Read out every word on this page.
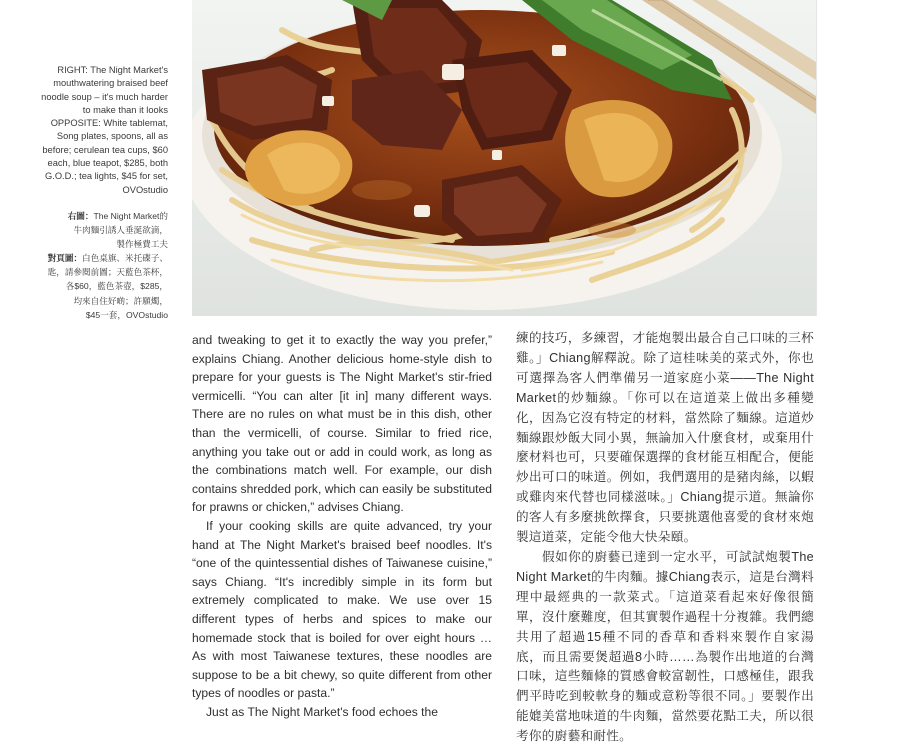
RIGHT: The Night Market's

mouthwatering braised beef

noodle soup – it's much harder

to make than it looks

OPPOSITE: White tablemat,

Song plates, spoons, all as

before; cerulean tea cups, $60

each, blue teapot, $285, both

G.O.D.; tea lights, $45 for set,

OVOstudio

右圖：The Night Market的

牛肉麵引誘人垂涎欲滴，

製作極費工夫

對頁圖：白色桌旗、米托碟子、

匙，請參閱前圖；天藍色茶杯，

各$60，藍色茶壺，$285，

均來自住好啲；許願燭，

$45一套，OVOstudio

and tweaking to get it to exactly the way you prefer,” explains Chiang. Another delicious home-style dish to prepare for your guests is The Night Market's stir-fried vermicelli. “You can alter [it in] many different ways. There are no rules on what must be in this dish, other than the vermicelli, of course. Similar to fried rice, anything you take out or add in could work, as long as the combinations match well. For example, our dish contains shredded pork, which can easily be substituted for prawns or chicken,” advises Chiang.

If your cooking skills are quite advanced, try your hand at The Night Market's braised beef noodles. It's “one of the quintessential dishes of Taiwanese cuisine,” says Chiang. “It's incredibly simple in its form but extremely complicated to make. We use over 15 different types of herbs and spices to make our homemade stock that is boiled for over eight hours … As with most Taiwanese textures, these noodles are suppose to be a bit chewy, so quite different from other types of noodles or pasta.”

Just as The Night Market's food echoes the

練的技巧，多練習，才能炮製出最合自己口味的三杯雞。」Chiang解釋說。除了這桂味美的菜式外，你也可選擇為客人們準備另一道家庭小菜——The Night Market的炒麵線。「你可以在這道菜上做出多種變化，因為它沒有特定的材料，當然除了麵線。這道炒麵線跟炒飯大同小異，無論加入什麼食材，或棄用什麼材料也可，只要確保選擇的食材能互相配合，便能炒出可口的味道。例如，我們選用的是豬肉絲，以蝦或雞肉來代替也同樣滋味。」Chiang提示道。無論你的客人有多麼挑飲擇食，只要挑選他喜愛的食材來炮製這道菜，定能令他大快朵頤。

假如你的廚藝已達到一定水平，可試試炮製The Night Market的牛肉麵。據Chiang表示，這是台灣料理中最經典的一款菜式。「這道菜看起來好像很簡單，沒什麼難度，但其實製作過程十分複雜。我們總共用了超過15種不同的香草和香料來製作自家湯底，而且需要煲超過8小時……為製作出地道的台灣口味，這些麵條的質感會較富韌性，口感極佳，跟我們平時吃到較軟身的麵或意粉等很不同。」要製作出能媲美當地味道的牛肉麵，當然要花點工夫，所以很考你的廚藝和耐性。
